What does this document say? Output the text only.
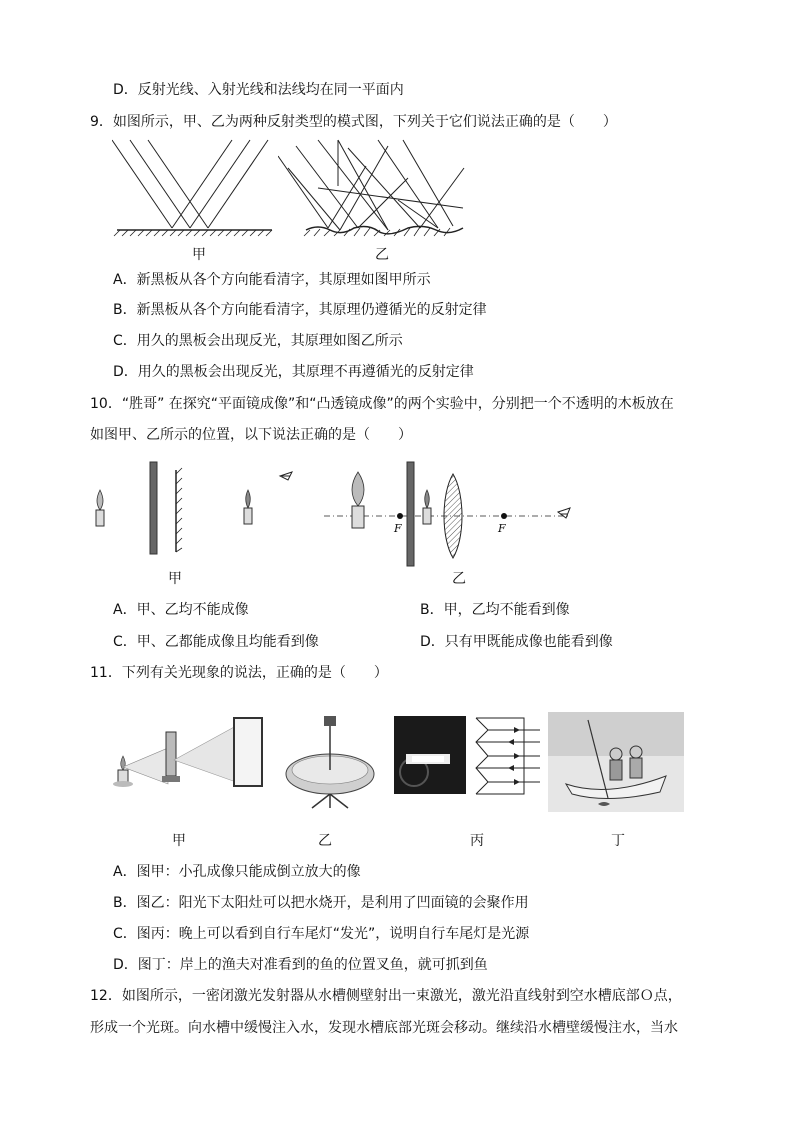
D．反射光线、入射光线和法线均在同一平面内
9．如图所示，甲、乙为两种反射类型的模式图，下列关于它们说法正确的是（　　）
甲	乙
A．新黑板从各个方向能看清字，其原理如图甲所示
B．新黑板从各个方向能看清字，其原理仍遵循光的反射定律
C．用久的黑板会出现反光，其原理如图乙所示
D．用久的黑板会出现反光，其原理不再遵循光的反射定律
10．“胜哥” 在探究“平面镜成像”和“凸透镜成像”的两个实验中，分别把一个不透明的木板放在
如图甲、乙所示的位置，以下说法正确的是（　　）
甲
F	F
乙
A．甲、乙均不能成像	B．甲，乙均不能看到像
C．甲、乙都能成像且均能看到像	D．只有甲既能成像也能看到像
11．下列有关光现象的说法，正确的是（　　）
甲	乙	丙	丁
A．图甲：小孔成像只能成倒立放大的像
B．图乙：阳光下太阳灶可以把水烧开，是利用了凹面镜的会聚作用
C．图丙：晚上可以看到自行车尾灯“发光”，说明自行车尾灯是光源
D．图丁：岸上的渔夫对准看到的鱼的位置叉鱼，就可抓到鱼
12．如图所示，一密闭激光发射器从水槽侧壁射出一束激光，激光沿直线射到空水槽底部Ｏ点，
形成一个光斑。向水槽中缓慢注入水，发现水槽底部光斑会移动。继续沿水槽壁缓慢注水，当水
